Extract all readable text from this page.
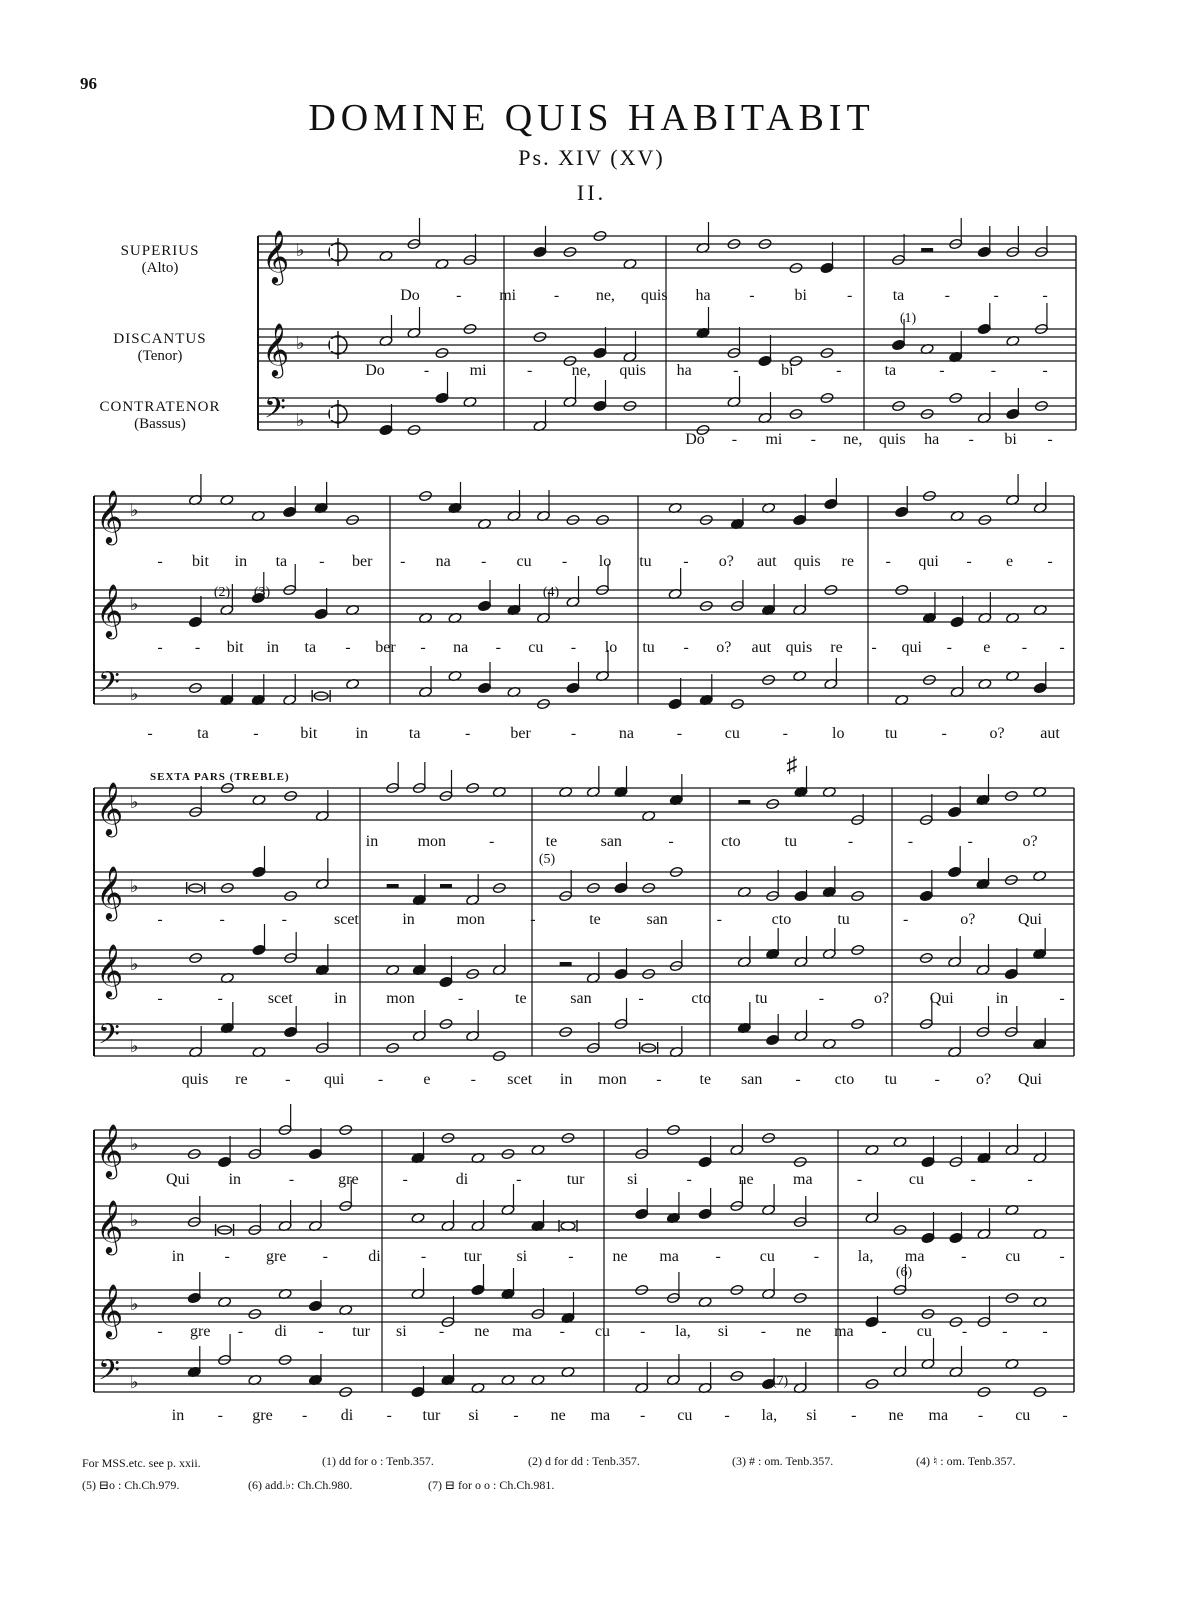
96
DOMINE QUIS HABITABIT
Ps. XIV (XV)
II.
SUPERIUS
(Alto)
DISCANTUS
(Tenor)
CONTRATENOR
(Bassus)
SEXTA PARS (TREBLE)
𝄞 ♭
𝄞 ♭
𝄢 ♭
𝄞 ♭
𝄞 ♭
𝄢 ♭
𝄞 ♭
𝄞 ♭
𝄞 ♭
𝄢 ♭
𝄞 ♭
𝄞 ♭
𝄞 ♭
𝄢 ♭
(1)
(2) (3)	(4)
(5)
(6)
(7)
♯
Do - mi - ne, quis ha - bi -	ta	-	-	-
Do -	mi	- ne, quis ha	-	bi	-	ta	-	-	-
Do - mi - ne, quis ha - bi -
- bit in ta - ber - na - cu - lo tu - o? aut quis re - qui - e -
- - bit in ta - ber - na - cu - lo tu - o? aut quis re - qui - e - -
-	ta	-	bit in	ta	-	ber	-	na	-	cu	-	lo	tu	-	o? aut
in mon	-	te	san	-	cto	tu	-	-	-	o?
-	-	-	scet	in	mon	-	te	san	-	cto	tu	-	o?	Qui
-	-	scet	in mon	-	te	san	-	cto	tu	-	o?	Qui	in	-
quis re - qui -	e	- scet in mon - te san - cto tu - o? Qui
Qui in	-	gre	-	di	-	tur	si	-	ne ma	-	cu	-	-
in	- gre -	di	- tur si	- ne ma - cu - la, ma - cu -
- gre - di - tur si - ne ma - cu - la, si - ne ma - cu - - -
in - gre - di - tur si - ne ma - cu - la, si - ne ma - cu -
For MSS.etc. see p. xxii.	(1) dd for o : Tenb.357.	(2) d for dd : Tenb.357.	(3) # : om. Tenb.357.	(4) ♮ : om. Tenb.357.
(5) ⊟o : Ch.Ch.979.	(6) add.♭: Ch.Ch.980.	(7) ⊟ for o o : Ch.Ch.981.
